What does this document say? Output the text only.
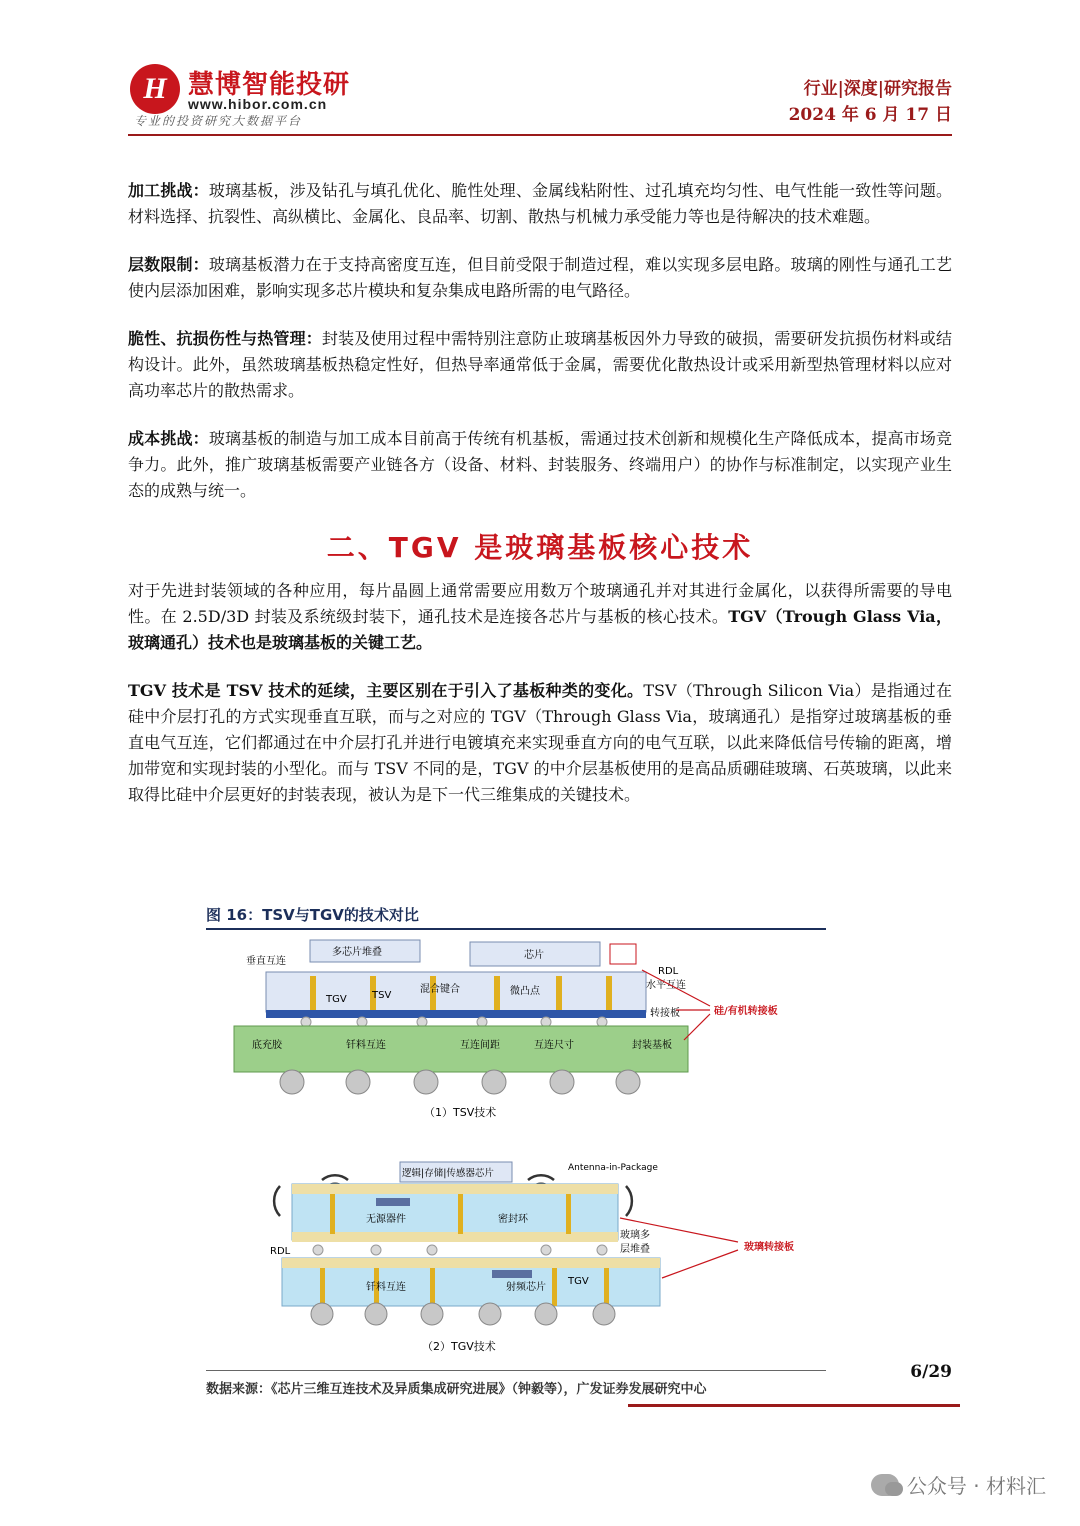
H 慧博智能投研
www.hibor.com.cn
专业的投资研究大数据平台
行业|深度|研究报告
2024 年 6 月 17 日

加工挑战：玻璃基板，涉及钻孔与填孔优化、脆性处理、金属线粘附性、过孔填充均匀性、电气性能一致性等问题。材料选择、抗裂性、高纵横比、金属化、良品率、切割、散热与机械力承受能力等也是待解决的技术难题。

层数限制：玻璃基板潜力在于支持高密度互连，但目前受限于制造过程，难以实现多层电路。玻璃的刚性与通孔工艺使内层添加困难，影响实现多芯片模块和复杂集成电路所需的电气路径。

脆性、抗损伤性与热管理：封装及使用过程中需特别注意防止玻璃基板因外力导致的破损，需要研发抗损伤材料或结构设计。此外，虽然玻璃基板热稳定性好，但热导率通常低于金属，需要优化散热设计或采用新型热管理材料以应对高功率芯片的散热需求。

成本挑战：玻璃基板的制造与加工成本目前高于传统有机基板，需通过技术创新和规模化生产降低成本，提高市场竞争力。此外，推广玻璃基板需要产业链各方（设备、材料、封装服务、终端用户）的协作与标准制定，以实现产业生态的成熟与统一。

二、TGV 是玻璃基板核心技术

对于先进封装领域的各种应用，每片晶圆上通常需要应用数万个玻璃通孔并对其进行金属化，以获得所需要的导电性。在 2.5D/3D 封装及系统级封装下，通孔技术是连接各芯片与基板的核心技术。TGV（Trough Glass Via，玻璃通孔）技术也是玻璃基板的关键工艺。

TGV 技术是 TSV 技术的延续，主要区别在于引入了基板种类的变化。TSV（Through Silicon Via）是指通过在硅中介层打孔的方式实现垂直互联，而与之对应的 TGV（Through Glass Via，玻璃通孔）是指穿过玻璃基板的垂直电气互连，它们都通过在中介层打孔并进行电镀填充来实现垂直方向的电气互联，以此来降低信号传输的距离，增加带宽和实现封装的小型化。而与 TSV 不同的是，TGV 的中介层基板使用的是高品质硼硅玻璃、石英玻璃，以此来取得比硅中介层更好的封装表现，被认为是下一代三维集成的关键技术。

图 16：TSV与TGV的技术对比
多芯片堆叠	芯片
垂直互连
TGV	TSV
混合键合	微凸点
RDL
水平互连
转接板
底充胶	钎料互连	互连间距	互连尺寸	封装基板
硅/有机转接板
（1）TSV技术
逻辑|存储|传感器芯片	Antenna-in-Package
无源器件	密封环
RDL
玻璃多
层堆叠
钎料互连	射频芯片
TGV
玻璃转接板
（2）TGV技术
数据来源：《芯片三维互连技术及异质集成研究进展》（钟毅等），广发证券发展研究中心
6/29
公众号 · 材料汇
